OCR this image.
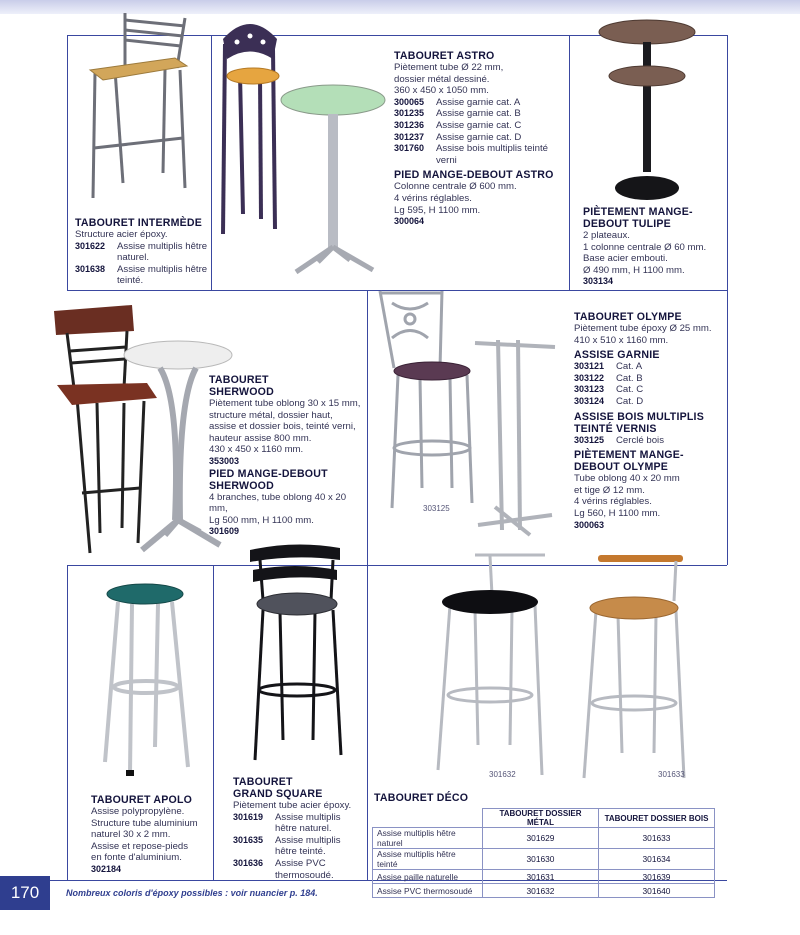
303125
301632	301633
TABOURET INTERMÈDE
Structure acier époxy.
301622	Assise multiplis hêtre naturel.
301638	Assise multiplis hêtre teinté.
TABOURET ASTRO
Piètement tube Ø 22 mm,
dossier métal dessiné.
360 x 450 x 1050 mm.
300065	Assise garnie cat. A
301235	Assise garnie cat. B
301236	Assise garnie cat. C
301237	Assise garnie cat. D
301760	Assise bois multiplis teinté verni
PIED MANGE-DEBOUT ASTRO
Colonne centrale Ø 600 mm.
4 vérins réglables.
Lg 595, H 1100 mm.
300064
PIÈTEMENT MANGE-DEBOUT TULIPE
2 plateaux.
1 colonne centrale Ø 60 mm.
Base acier embouti.
Ø 490 mm, H 1100 mm.
303134
TABOURET SHERWOOD
Piètement tube oblong 30 x 15 mm,
structure métal, dossier haut,
assise et dossier bois, teinté verni,
hauteur assise 800 mm.
430 x 450 x 1160 mm.
353003
PIED MANGE-DEBOUT SHERWOOD
4 branches, tube oblong 40 x 20 mm,
Lg 500 mm, H 1100 mm.
301609
TABOURET OLYMPE
Piètement tube époxy Ø 25 mm.
410 x 510 x 1160 mm.
ASSISE GARNIE
303121	Cat. A
303122	Cat. B
303123	Cat. C
303124	Cat. D
ASSISE BOIS MULTIPLIS TEINTÉ VERNIS
303125	Cerclé bois
PIÈTEMENT MANGE-DEBOUT OLYMPE
Tube oblong 40 x 20 mm
et tige Ø 12 mm.
4 vérins réglables.
Lg 560, H 1100 mm.
300063
TABOURET APOLO
Assise polypropylène.
Structure tube aluminium
naturel 30 x 2 mm.
Assise et repose-pieds
en fonte d'aluminium.
302184
TABOURET GRAND SQUARE
Piètement tube acier époxy.
301619	Assise multiplis hêtre naturel.
301635	Assise multiplis hêtre teinté.
301636	Assise PVC thermosoudé.
TABOURET DÉCO
	TABOURET DOSSIER MÉTAL	TABOURET DOSSIER BOIS
Assise multiplis hêtre naturel	301629	301633
Assise multiplis hêtre teinté	301630	301634
Assise paille naturelle	301631	301639
Assise PVC thermosoudé	301632	301640
170	Nombreux coloris d'époxy possibles : voir nuancier p. 184.
